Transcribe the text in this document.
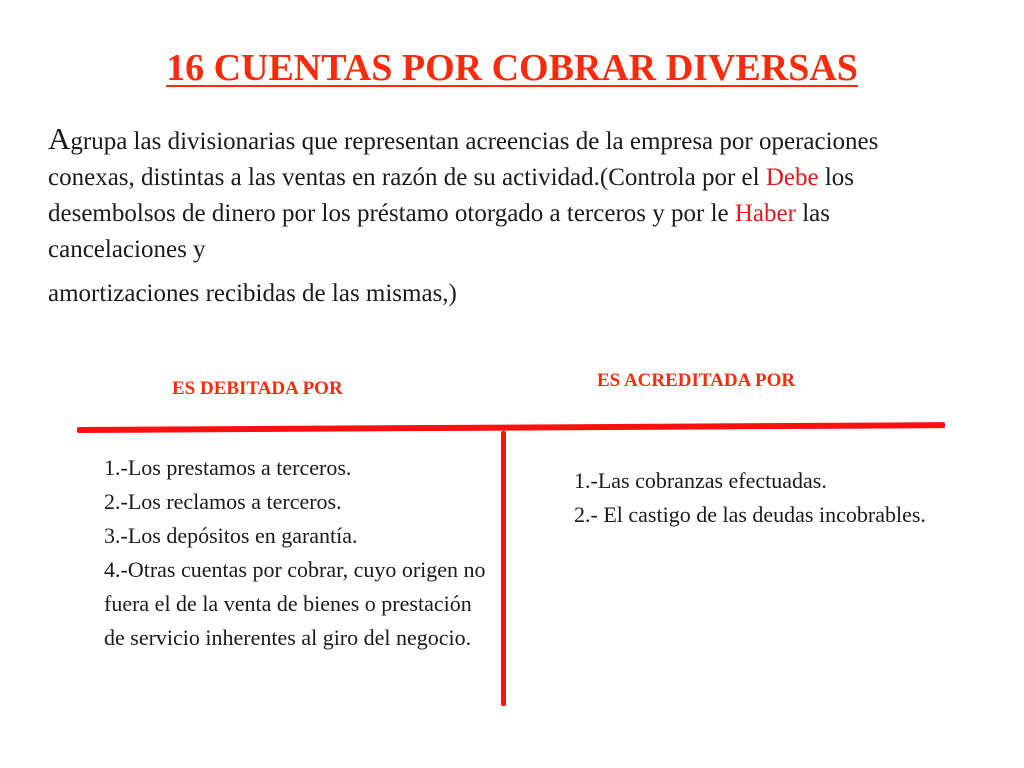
16 CUENTAS POR COBRAR DIVERSAS

Agrupa las divisionarias que representan acreencias de la empresa por operaciones conexas, distintas a las ventas en razón de su actividad.(Controla por el Debe los desembolsos de dinero por los préstamo otorgado a terceros y por le Haber las cancelaciones y
amortizaciones recibidas de las mismas,)

ES DEBITADA POR	ES ACREDITADA POR
1.-Los prestamos a terceros.
2.-Los reclamos a terceros.
3.-Los depósitos en garantía.
4.-Otras cuentas por cobrar, cuyo origen no fuera el de la venta de bienes o prestación de servicio inherentes al giro del negocio.
1.-Las cobranzas efectuadas.
2.- El castigo de las deudas incobrables.
